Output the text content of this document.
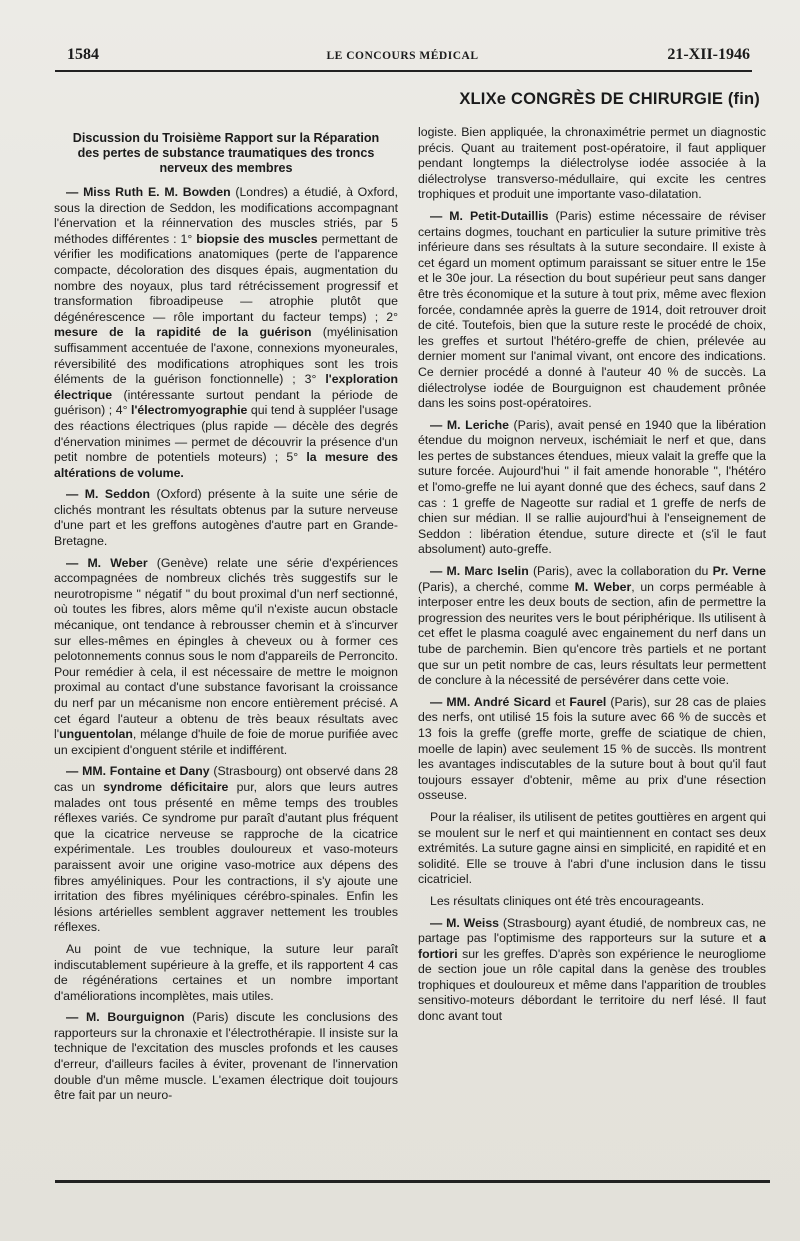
1584	LE CONCOURS MÉDICAL	21-XII-1946
XLIXe CONGRÈS DE CHIRURGIE (fin)
Discussion du Troisième Rapport sur la Réparation des pertes de substance traumatiques des troncs nerveux des membres

— Miss Ruth E. M. Bowden (Londres) a étudié, à Oxford, sous la direction de Seddon, les modifications accompagnant l'énervation et la réinnervation des muscles striés, par 5 méthodes différentes : 1° biopsie des muscles permettant de vérifier les modifications anatomiques (perte de l'apparence compacte, décoloration des disques épais, augmentation du nombre des noyaux, plus tard rétrécissement progressif et transformation fibroadipeuse — atrophie plutôt que dégénérescence — rôle important du facteur temps) ; 2° mesure de la rapidité de la guérison (myélinisation suffisamment accentuée de l'axone, connexions myoneurales, réversibilité des modifications atrophiques sont les trois éléments de la guérison fonctionnelle) ; 3° l'exploration électrique (intéressante surtout pendant la période de guérison) ; 4° l'électromyographie qui tend à suppléer l'usage des réactions électriques (plus rapide — décèle des degrés d'énervation minimes — permet de découvrir la présence d'un petit nombre de potentiels moteurs) ; 5° la mesure des altérations de volume.

— M. Seddon (Oxford) présente à la suite une série de clichés montrant les résultats obtenus par la suture nerveuse d'une part et les greffons autogènes d'autre part en Grande-Bretagne.

— M. Weber (Genève) relate une série d'expériences accompagnées de nombreux clichés très suggestifs sur le neurotropisme " négatif " du bout proximal d'un nerf sectionné, où toutes les fibres, alors même qu'il n'existe aucun obstacle mécanique, ont tendance à rebrousser chemin et à s'incurver sur elles-mêmes en épingles à cheveux ou à former ces pelotonnements connus sous le nom d'appareils de Perroncito. Pour remédier à cela, il est nécessaire de mettre le moignon proximal au contact d'une substance favorisant la croissance du nerf par un mécanisme non encore entièrement précisé. A cet égard l'auteur a obtenu de très beaux résultats avec l'unguentolan, mélange d'huile de foie de morue purifiée avec un excipient d'onguent stérile et indifférent.

— MM. Fontaine et Dany (Strasbourg) ont observé dans 28 cas un syndrome déficitaire pur, alors que leurs autres malades ont tous présenté en même temps des troubles réflexes variés. Ce syndrome pur paraît d'autant plus fréquent que la cicatrice nerveuse se rapproche de la cicatrice expérimentale. Les troubles douloureux et vaso-moteurs paraissent avoir une origine vaso-motrice aux dépens des fibres amyéliniques. Pour les contractions, il s'y ajoute une irritation des fibres myéliniques cérébro-spinales. Enfin les lésions artérielles semblent aggraver nettement les troubles réflexes.

Au point de vue technique, la suture leur paraît indiscutablement supérieure à la greffe, et ils rapportent 4 cas de régénérations certaines et un nombre important d'améliorations incomplètes, mais utiles.

— M. Bourguignon (Paris) discute les conclusions des rapporteurs sur la chronaxie et l'électrothérapie. Il insiste sur la technique de l'excitation des muscles profonds et les causes d'erreur, d'ailleurs faciles à éviter, provenant de l'innervation double d'un même muscle. L'examen électrique doit toujours être fait par un neuro-

logiste. Bien appliquée, la chronaximétrie permet un diagnostic précis. Quant au traitement post-opératoire, il faut appliquer pendant longtemps la diélectrolyse iodée associée à la diélectrolyse transverso-médullaire, qui excite les centres trophiques et produit une importante vaso-dilatation.

— M. Petit-Dutaillis (Paris) estime nécessaire de réviser certains dogmes, touchant en particulier la suture primitive très inférieure dans ses résultats à la suture secondaire. Il existe à cet égard un moment optimum paraissant se situer entre le 15e et le 30e jour. La résection du bout supérieur peut sans danger être très économique et la suture à tout prix, même avec flexion forcée, condamnée après la guerre de 1914, doit retrouver droit de cité. Toutefois, bien que la suture reste le procédé de choix, les greffes et surtout l'hétéro-greffe de chien, prélevée au dernier moment sur l'animal vivant, ont encore des indications. Ce dernier procédé a donné à l'auteur 40 % de succès. La diélectrolyse iodée de Bourguignon est chaudement prônée dans les soins post-opératoires.

— M. Leriche (Paris), avait pensé en 1940 que la libération étendue du moignon nerveux, ischémiait le nerf et que, dans les pertes de substances étendues, mieux valait la greffe que la suture forcée. Aujourd'hui " il fait amende honorable ", l'hétéro et l'omo-greffe ne lui ayant donné que des échecs, sauf dans 2 cas : 1 greffe de Nageotte sur radial et 1 greffe de nerfs de chien sur médian. Il se rallie aujourd'hui à l'enseignement de Seddon : libération étendue, suture directe et (s'il le faut absolument) auto-greffe.

— M. Marc Iselin (Paris), avec la collaboration du Pr. Verne (Paris), a cherché, comme M. Weber, un corps perméable à interposer entre les deux bouts de section, afin de permettre la progression des neurites vers le bout périphérique. Ils utilisent à cet effet le plasma coagulé avec engainement du nerf dans un tube de parchemin. Bien qu'encore très partiels et ne portant que sur un petit nombre de cas, leurs résultats leur permettent de conclure à la nécessité de persévérer dans cette voie.

— MM. André Sicard et Faurel (Paris), sur 28 cas de plaies des nerfs, ont utilisé 15 fois la suture avec 66 % de succès et 13 fois la greffe (greffe morte, greffe de sciatique de chien, moelle de lapin) avec seulement 15 % de succès. Ils montrent les avantages indiscutables de la suture bout à bout qu'il faut toujours essayer d'obtenir, même au prix d'une résection osseuse.

Pour la réaliser, ils utilisent de petites gouttières en argent qui se moulent sur le nerf et qui maintiennent en contact ses deux extrémités. La suture gagne ainsi en simplicité, en rapidité et en solidité. Elle se trouve à l'abri d'une inclusion dans le tissu cicatriciel.

Les résultats cliniques ont été très encourageants.

— M. Weiss (Strasbourg) ayant étudié, de nombreux cas, ne partage pas l'optimisme des rapporteurs sur la suture et a fortiori sur les greffes. D'après son expérience le neurogliome de section joue un rôle capital dans la genèse des troubles trophiques et douloureux et même dans l'apparition de troubles sensitivo-moteurs débordant le territoire du nerf lésé. Il faut donc avant tout
